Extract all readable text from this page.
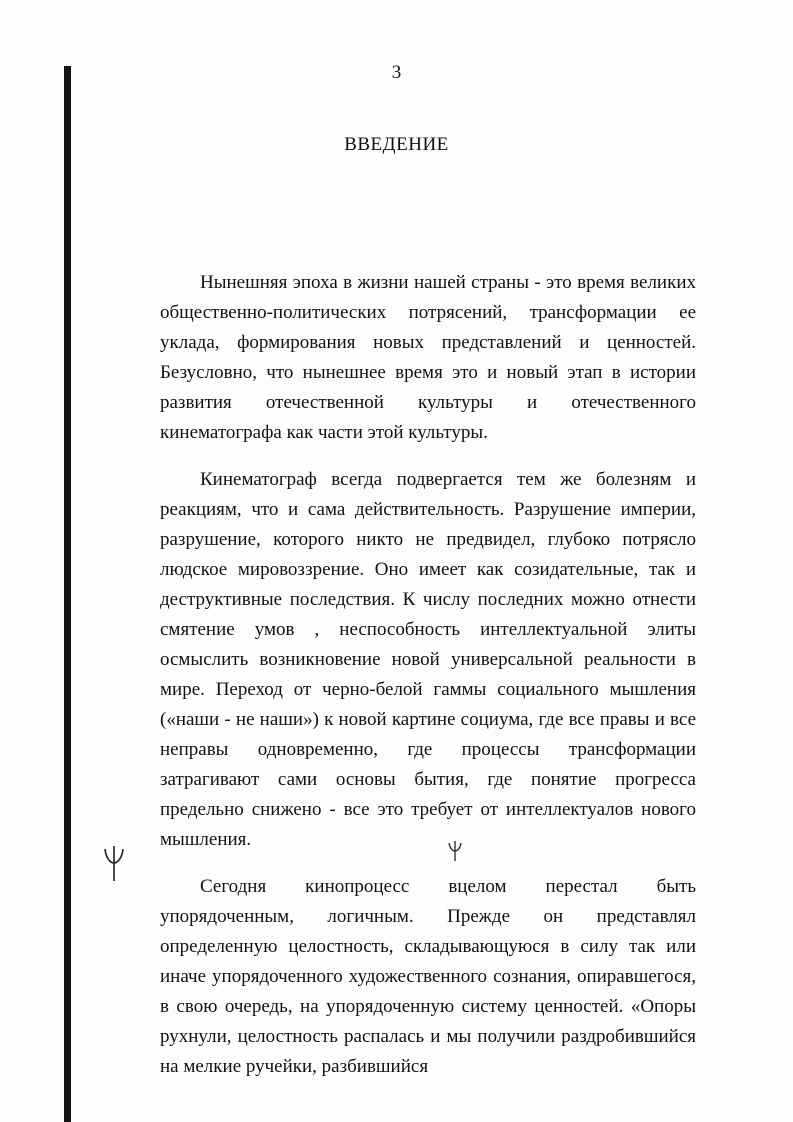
3
ВВЕДЕНИЕ

Нынешняя эпоха в жизни нашей страны - это время великих общественно-политических потрясений, трансформации ее уклада, формирования новых представлений и ценностей. Безусловно, что нынешнее время это и новый этап в истории развития отечественной культуры и отечественного кинематографа как части этой культуры.

Кинематограф всегда подвергается тем же болезням и реакциям, что и сама действительность. Разрушение империи, разрушение, которого никто не предвидел, глубоко потрясло людское мировоззрение. Оно имеет как созидательные, так и деструктивные последствия. К числу последних можно отнести смятение умов , неспособность интеллектуальной элиты осмыслить возникновение новой универсальной реальности в мире. Переход от черно-белой гаммы социального мышления («наши - не наши») к новой картине социума, где все правы и все неправы одновременно, где процессы трансформации затрагивают сами основы бытия, где понятие прогресса предельно снижено - все это требует от интеллектуалов нового мышления.

Сегодня кинопроцесс вцелом перестал быть упорядоченным, логичным. Прежде он представлял определенную целостность, складывающуюся в силу так или иначе упорядоченного художественного сознания, опиравшегося, в свою очередь, на упорядоченную систему ценностей. «Опоры рухнули, целостность распалась и мы получили раздробившийся на мелкие ручейки, разбившийся
